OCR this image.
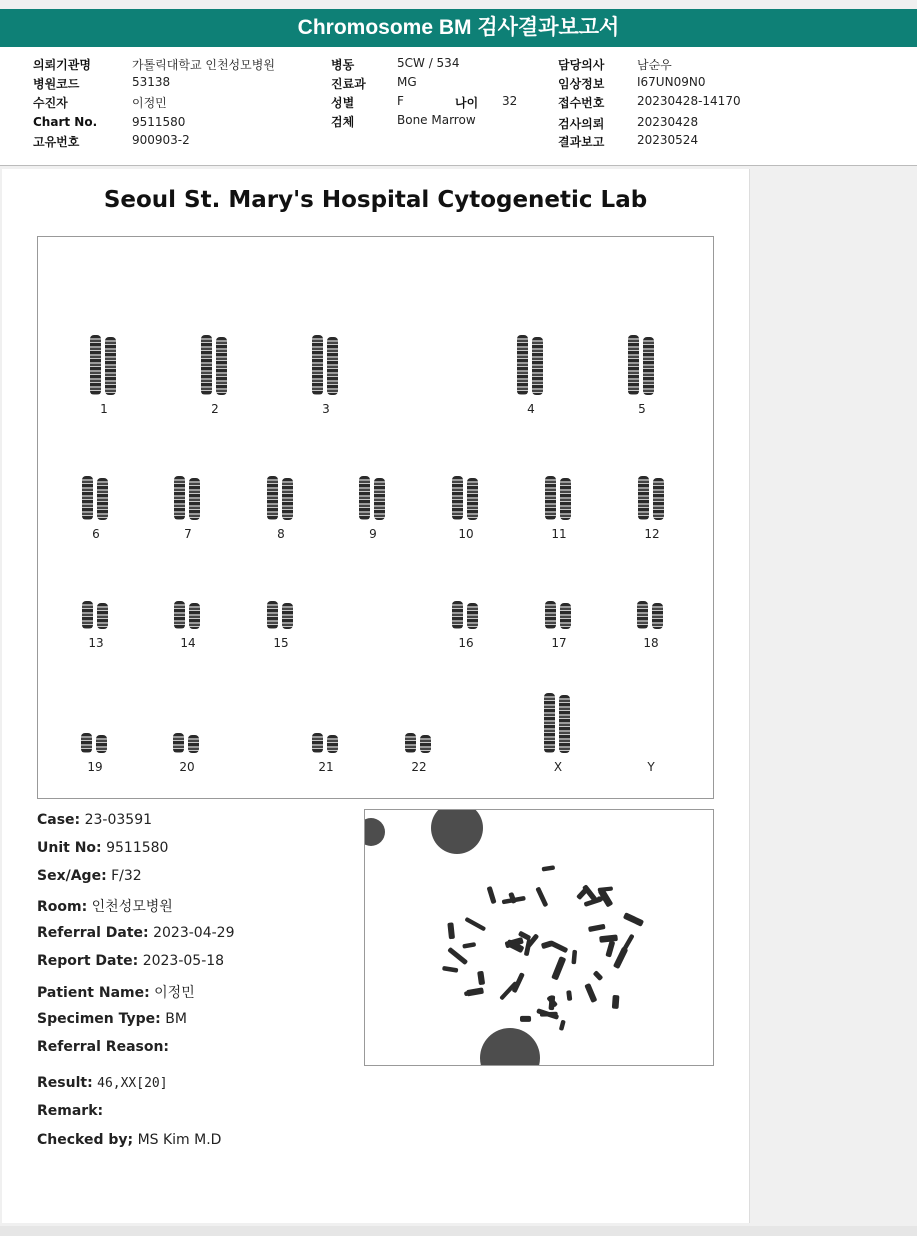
Chromosome BM 검사결과보고서
의뢰기관명	가톨릭대학교 인천성모병원
병원코드	53138
수진자	이정민
Chart No.	9511580
고유번호	900903-2
병동	5CW / 534
진료과	MG
성별	F	나이 32
검체	Bone Marrow
담당의사	남순우
임상정보	I67UN09N0
접수번호	20230428-14170
검사의뢰	20230428
결과보고	20230524
Seoul St. Mary's Hospital Cytogenetic Lab
1	2	3	4	5
6	7	8	9	10	11	12
13	14	15	16	17	18
19	20	21	22	X	Y
Case: 23-03591
Unit No: 9511580
Sex/Age: F/32
Room: 인천성모병원
Referral Date: 2023-04-29
Report Date: 2023-05-18
Patient Name: 이정민
Specimen Type: BM
Referral Reason:
Result: 46,XX[20]
Remark:
Checked by; MS Kim M.D
